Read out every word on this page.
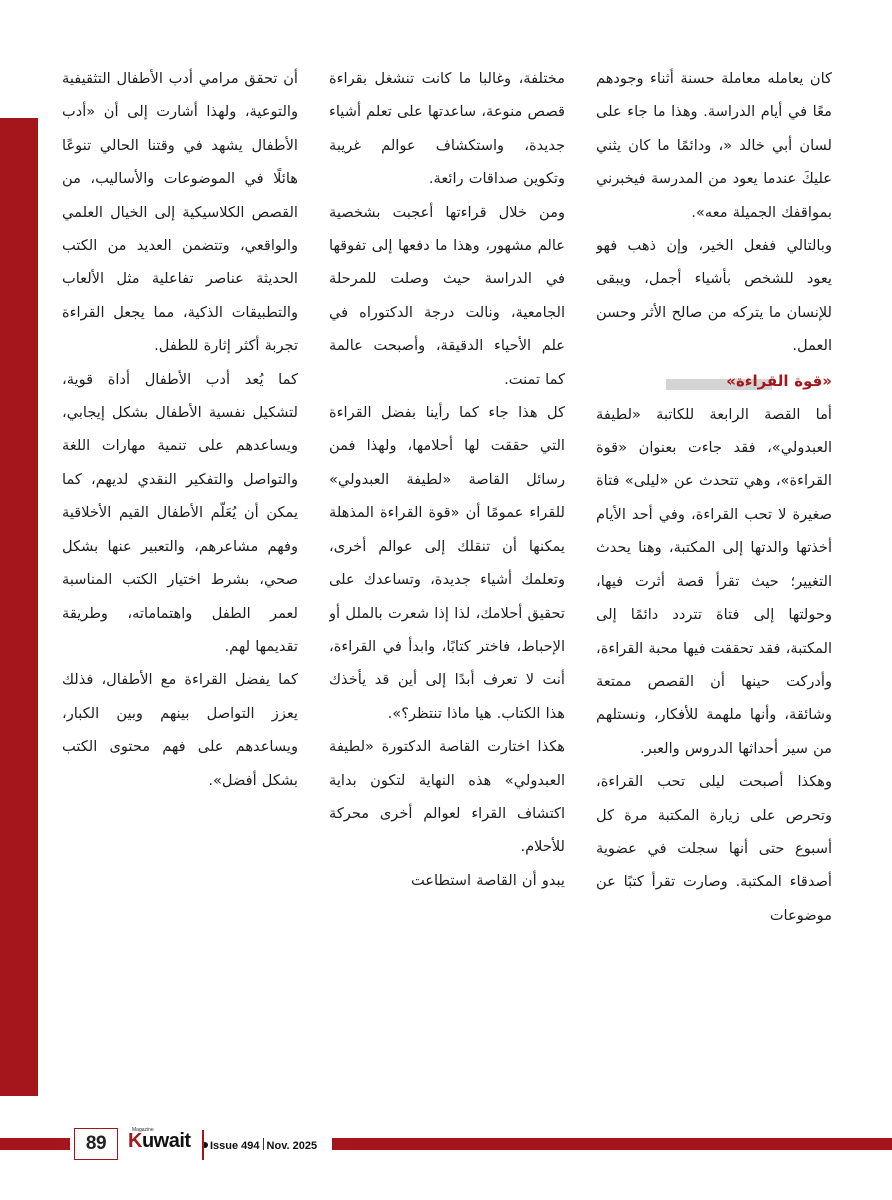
كان يعامله معاملة حسنة أثناء وجودهم معًا في أيام الدراسة. وهذا ما جاء على لسان أبي خالد «، ودائمًا ما كان يثني عليكَ عندما يعود من المدرسة فيخبرني بمواقفك الجميلة معه».

وبالتالي ففعل الخير، وإن ذهب فهو يعود للشخص بأشياء أجمل، ويبقى للإنسان ما يتركه من صالح الأثر وحسن العمل.

«قوة القراءة»

أما القصة الرابعة للكاتبة «لطيفة العبدولي»، فقد جاءت بعنوان «قوة القراءة»، وهي تتحدث عن «ليلى» فتاة صغيرة لا تحب القراءة، وفي أحد الأيام أخذتها والدتها إلى المكتبة، وهنا يحدث التغيير؛ حيث تقرأ قصة أثرت فيها، وحولتها إلى فتاة تتردد دائمًا إلى المكتبة، فقد تحققت فيها محبة القراءة، وأدركت حينها أن القصص ممتعة وشائقة، وأنها ملهمة للأفكار، ونستلهم من سير أحداثها الدروس والعبر.

وهكذا أصبحت ليلى تحب القراءة، وتحرص على زيارة المكتبة مرة كل أسبوع حتى أنها سجلت في عضوية أصدقاء المكتبة. وصارت تقرأ كتبًا عن موضوعات

مختلفة، وغالبا ما كانت تنشغل بقراءة قصص منوعة، ساعدتها على تعلم أشياء جديدة، واستكشاف عوالم غريبة وتكوين صداقات رائعة.

ومن خلال قراءتها أعجبت بشخصية عالم مشهور، وهذا ما دفعها إلى تفوقها في الدراسة حيث وصلت للمرحلة الجامعية، ونالت درجة الدكتوراه في علم الأحياء الدقيقة، وأصبحت عالمة كما تمنت.

كل هذا جاء كما رأينا بفضل القراءة التي حققت لها أحلامها، ولهذا فمن رسائل القاصة «لطيفة العبدولي» للقراء عمومًا أن «قوة القراءة المذهلة يمكنها أن تنقلك إلى عوالم أخرى، وتعلمك أشياء جديدة، وتساعدك على تحقيق أحلامك، لذا إذا شعرت بالملل أو الإحباط، فاختر كتابًا، وابدأ في القراءة، أنت لا تعرف أبدًا إلى أين قد يأخذك هذا الكتاب. هيا ماذا تنتظر؟».

هكذا اختارت القاصة الدكتورة «لطيفة العبدولي» هذه النهاية لتكون بداية اكتشاف القراء لعوالم أخرى محركة للأحلام.

يبدو أن القاصة استطاعت

أن تحقق مرامي أدب الأطفال التثقيفية والتوعية، ولهذا أشارت إلى أن «أدب الأطفال يشهد في وقتنا الحالي تنوعًا هائلًا في الموضوعات والأساليب، من القصص الكلاسيكية إلى الخيال العلمي والواقعي، وتتضمن العديد من الكتب الحديثة عناصر تفاعلية مثل الألعاب والتطبيقات الذكية، مما يجعل القراءة تجربة أكثر إثارة للطفل.

كما يُعد أدب الأطفال أداة قوية، لتشكيل نفسية الأطفال بشكل إيجابي، ويساعدهم على تنمية مهارات اللغة والتواصل والتفكير النقدي لديهم، كما يمكن أن يُعَلّم الأطفال القيم الأخلاقية وفهم مشاعرهم، والتعبير عنها بشكل صحي، بشرط اختيار الكتب المناسبة لعمر الطفل واهتماماته، وطريقة تقديمها لهم.

كما يفضل القراءة مع الأطفال، فذلك يعزز التواصل بينهم وبين الكبار، ويساعدهم على فهم محتوى الكتب بشكل أفضل».

89
Magazine
Kuwait	Issue 494 Nov. 2025
